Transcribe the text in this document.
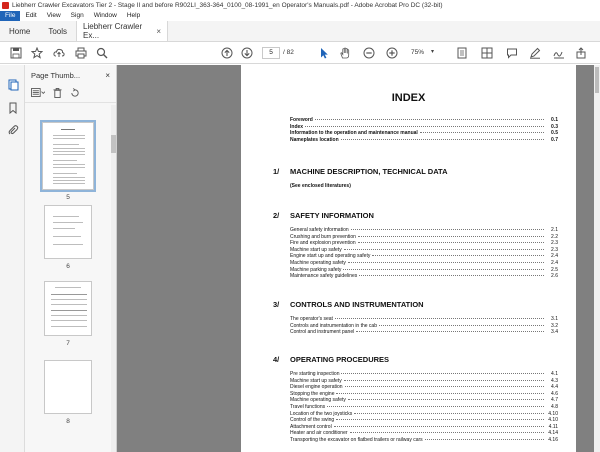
Liebherr Crawler Excavators Tier 2 - Stage II and before R902LI_363-364_0100_08-1991_en Operator's Manuals.pdf - Adobe Acrobat Pro DC (32-bit)
File	Edit	View	Sign	Window	Help
Home	Tools	Liebherr Crawler Ex...	×
5	/ 82	75% ▾
Page Thumb...	×
5
6
7
8
INDEX
Foreword	0.1
Index	0.3
Information to the operation and maintenance manual	0.5
Nameplates location	0.7
1/ MACHINE DESCRIPTION, TECHNICAL DATA
(See enclosed literatures)
2/ SAFETY INFORMATION
General safety information	2.1
Crushing and burn prevention	2.2
Fire and explosion prevention	2.3
Machine start up safety	2.3
Engine start up and operating safety	2.4
Machine operating safety	2.4
Machine parking safety	2.5
Maintenance safety guidelines	2.6
3/ CONTROLS AND INSTRUMENTATION
The operator's seat	3.1
Controls and instrumentation in the cab	3.2
Control and instrument panel	3.4
4/ OPERATING PROCEDURES
Pre starting inspection	4.1
Machine start up safety	4.3
Diesel engine operation	4.4
Stopping the engine	4.6
Machine operating safety	4.7
Travel functions	4.8
Location of the two joysticks	4.10
Control of the swing	4.10
Attachment control	4.11
Heater and air conditioner	4.14
Transporting the excavator on flatbed trailers or railway cars	4.16
